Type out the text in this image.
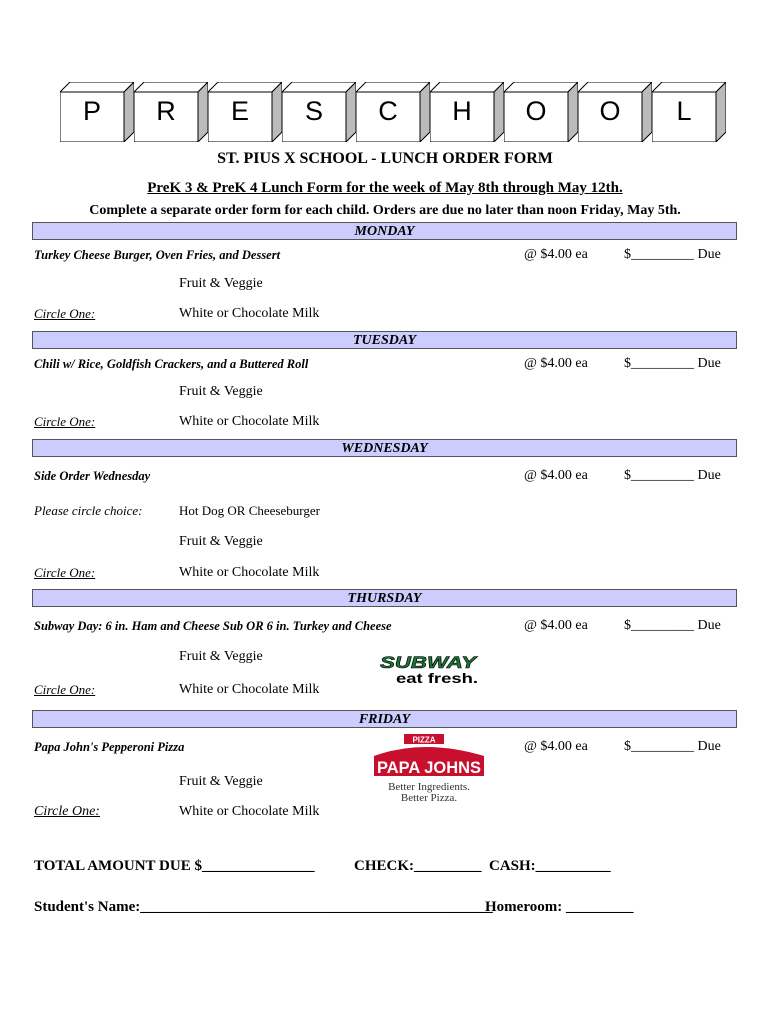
P	R	E	S	C	H	O	O	L
ST. PIUS X SCHOOL - LUNCH ORDER FORM
PreK 3 & PreK 4 Lunch Form for the week of May 8th through May 12th.
Complete a separate order form for each child. Orders are due no later than noon Friday, May 5th.
MONDAY
Turkey Cheese Burger, Oven Fries, and Dessert	@ $4.00 ea	$_________ Due
Fruit & Veggie
Circle One:	White or Chocolate Milk
TUESDAY
Chili w/ Rice, Goldfish Crackers, and a Buttered Roll	@ $4.00 ea	$_________ Due
Fruit & Veggie
Circle One:	White or Chocolate Milk
WEDNESDAY
Side Order Wednesday	@ $4.00 ea	$_________ Due
Please circle choice:	Hot Dog OR Cheeseburger
Fruit & Veggie
Circle One:	White or Chocolate Milk
THURSDAY
Subway Day: 6 in. Ham and Cheese Sub OR 6 in. Turkey and Cheese	@ $4.00 ea	$_________ Due
Fruit & Veggie
Circle One:	White or Chocolate Milk
SUBWAY
eat fresh.
FRIDAY
Papa John's Pepperoni Pizza	@ $4.00 ea	$_________ Due
Fruit & Veggie
Circle One:	White or Chocolate Milk
PIZZA
PAPA JOHNS
Better Ingredients.
Better Pizza.
TOTAL AMOUNT DUE $_______________	CHECK:_________ CASH:__________
Student's Name:_______________________________________________
Homeroom: _________
